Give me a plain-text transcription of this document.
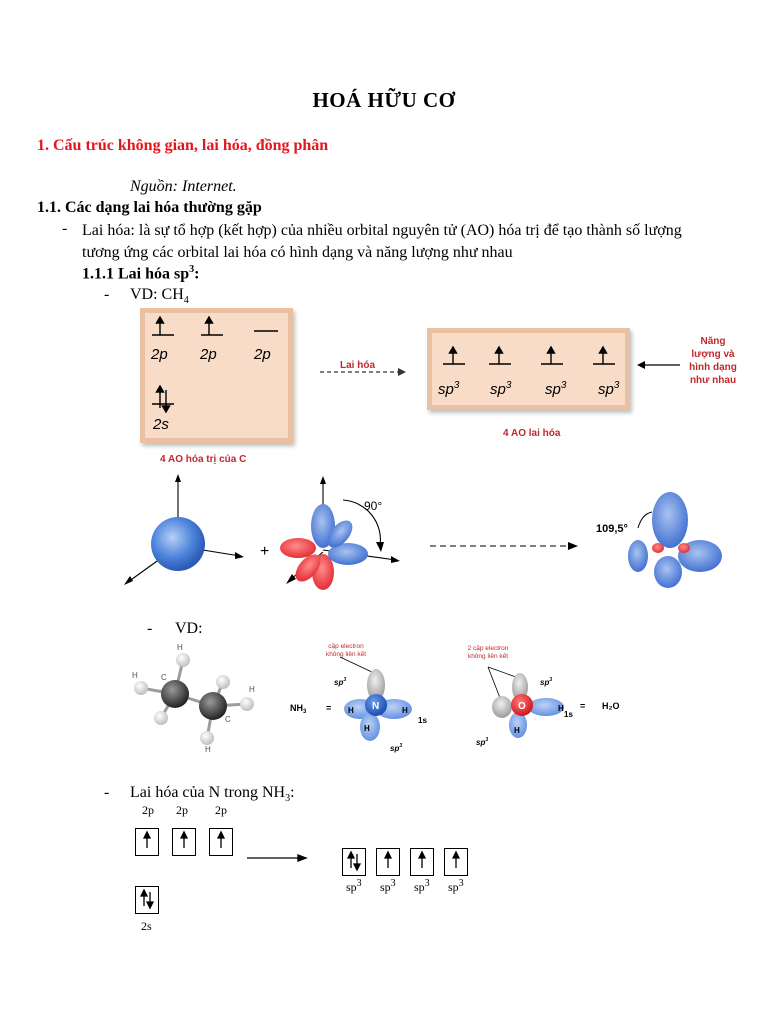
HOÁ HỮU CƠ
1. Cấu trúc không gian, lai hóa, đồng phân
Nguồn: Internet.
1.1. Các dạng lai hóa thường gặp
- Lai hóa: là sự tổ hợp (kết hợp) của nhiều orbital nguyên tử (AO) hóa trị để tạo thành số lượng tương ứng các orbital lai hóa có hình dạng và năng lượng như nhau
1.1.1 Lai hóa $sp^3$:
- VD: $CH_4$
2p 2p 2p
2s
4 AO hóa trị của C
Lai hóa
$sp^3$ $sp^3$ $sp^3$ $sp^3$
4 AO lai hóa
Năng
lượng và
hình dạng
như nhau
+
90°
109,5°
- VD:
C
C
H
H
H
H
cặp electron
không liên kết
$NH_3 = H$	H
H
1s
$sp^3$
$sp^3$
N
2 cặp electron
không liên kết
H
H
1s
= H₂O
$sp^3$
$sp^3$
O
- Lai hóa của N trong $NH_3$:
2p 2p 2p
2s
$sp^3$ $sp^3$ $sp^3$ $sp^3$
